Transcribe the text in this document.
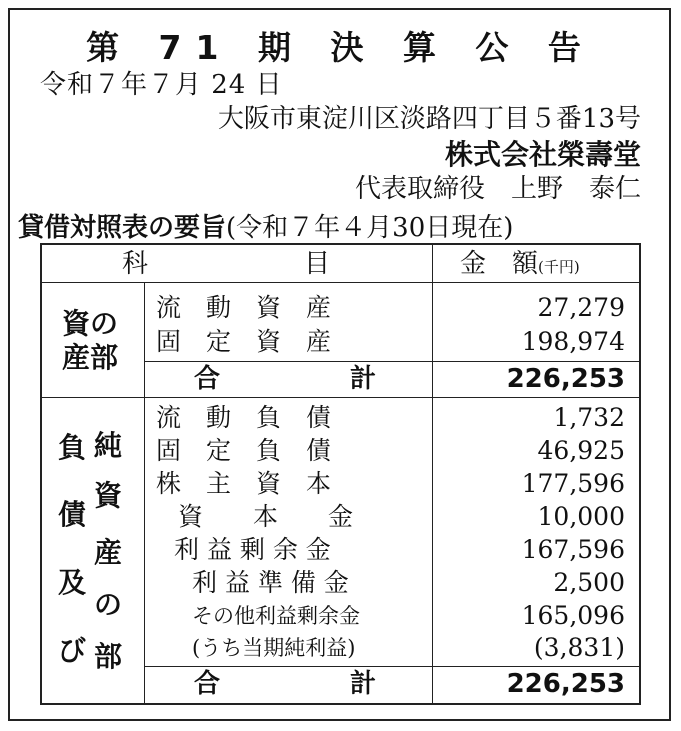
第 71 期 決 算 公 告
令和７年７月 24 日
大阪市東淀川区淡路四丁目５番13号
株式会社榮壽堂
代表取締役　上野　泰仁
貸借対照表の要旨(令和７年４月30日現在)
科　　　　　　目	金　額(千円)
資の
産部
流　動　資　産	27,279
固　定　資　産	198,974
合　　　　　計	226,253
負
債
及
び
純
資
産
の
部
流　動　負　債	1,732
固　定　負　債	46,925
株　主　資　本	177,596
資　　本　　金	10,000
利 益 剰 余 金	167,596
利 益 準 備 金	2,500
その他利益剰余金	165,096
(うち当期純利益)	(3,831)
合　　　　　計	226,253
